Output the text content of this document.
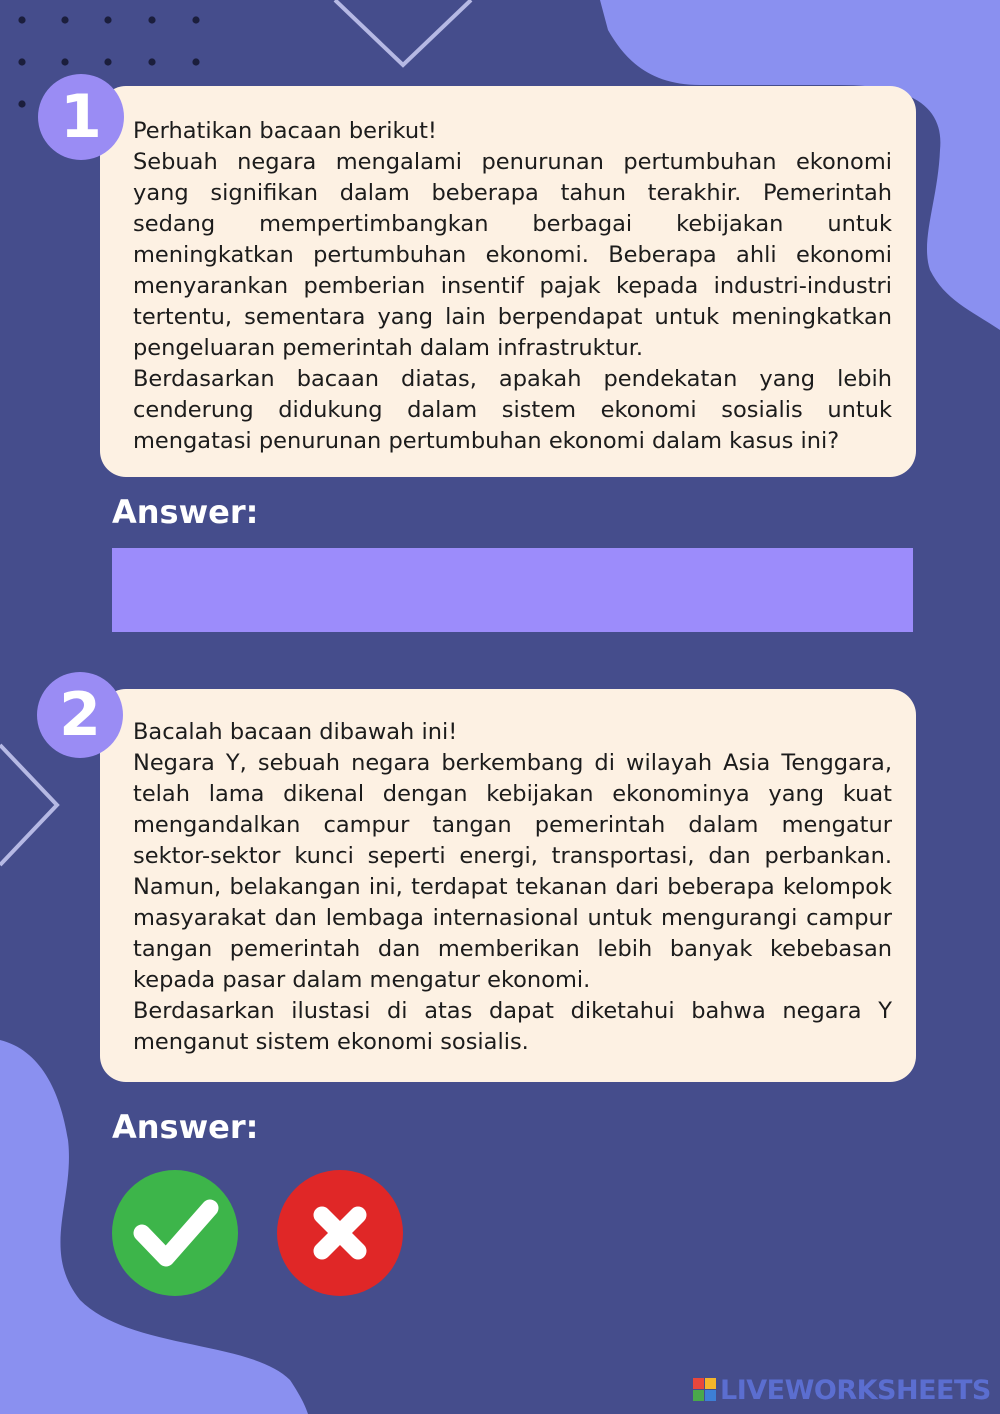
Perhatikan bacaan berikut!

Sebuah negara mengalami penurunan pertumbuhan ekonomi yang signifikan dalam beberapa tahun terakhir. Pemerintah sedang mempertimbangkan berbagai kebijakan untuk meningkatkan pertumbuhan ekonomi. Beberapa ahli ekonomi menyarankan pemberian insentif pajak kepada industri-industri tertentu, sementara yang lain berpendapat untuk meningkatkan pengeluaran pemerintah dalam infrastruktur.

Berdasarkan bacaan diatas, apakah pendekatan yang lebih cenderung didukung dalam sistem ekonomi sosialis untuk mengatasi penurunan pertumbuhan ekonomi dalam kasus ini?

1
Answer:

Bacalah bacaan dibawah ini!

Negara Y, sebuah negara berkembang di wilayah Asia Tenggara, telah lama dikenal dengan kebijakan ekonominya yang kuat mengandalkan campur tangan pemerintah dalam mengatur sektor-sektor kunci seperti energi, transportasi, dan perbankan. Namun, belakangan ini, terdapat tekanan dari beberapa kelompok masyarakat dan lembaga internasional untuk mengurangi campur tangan pemerintah dan memberikan lebih banyak kebebasan kepada pasar dalam mengatur ekonomi.

Berdasarkan ilustasi di atas dapat diketahui bahwa negara Y menganut sistem ekonomi sosialis.

2
Answer:
LIVEWORKSHEETS
